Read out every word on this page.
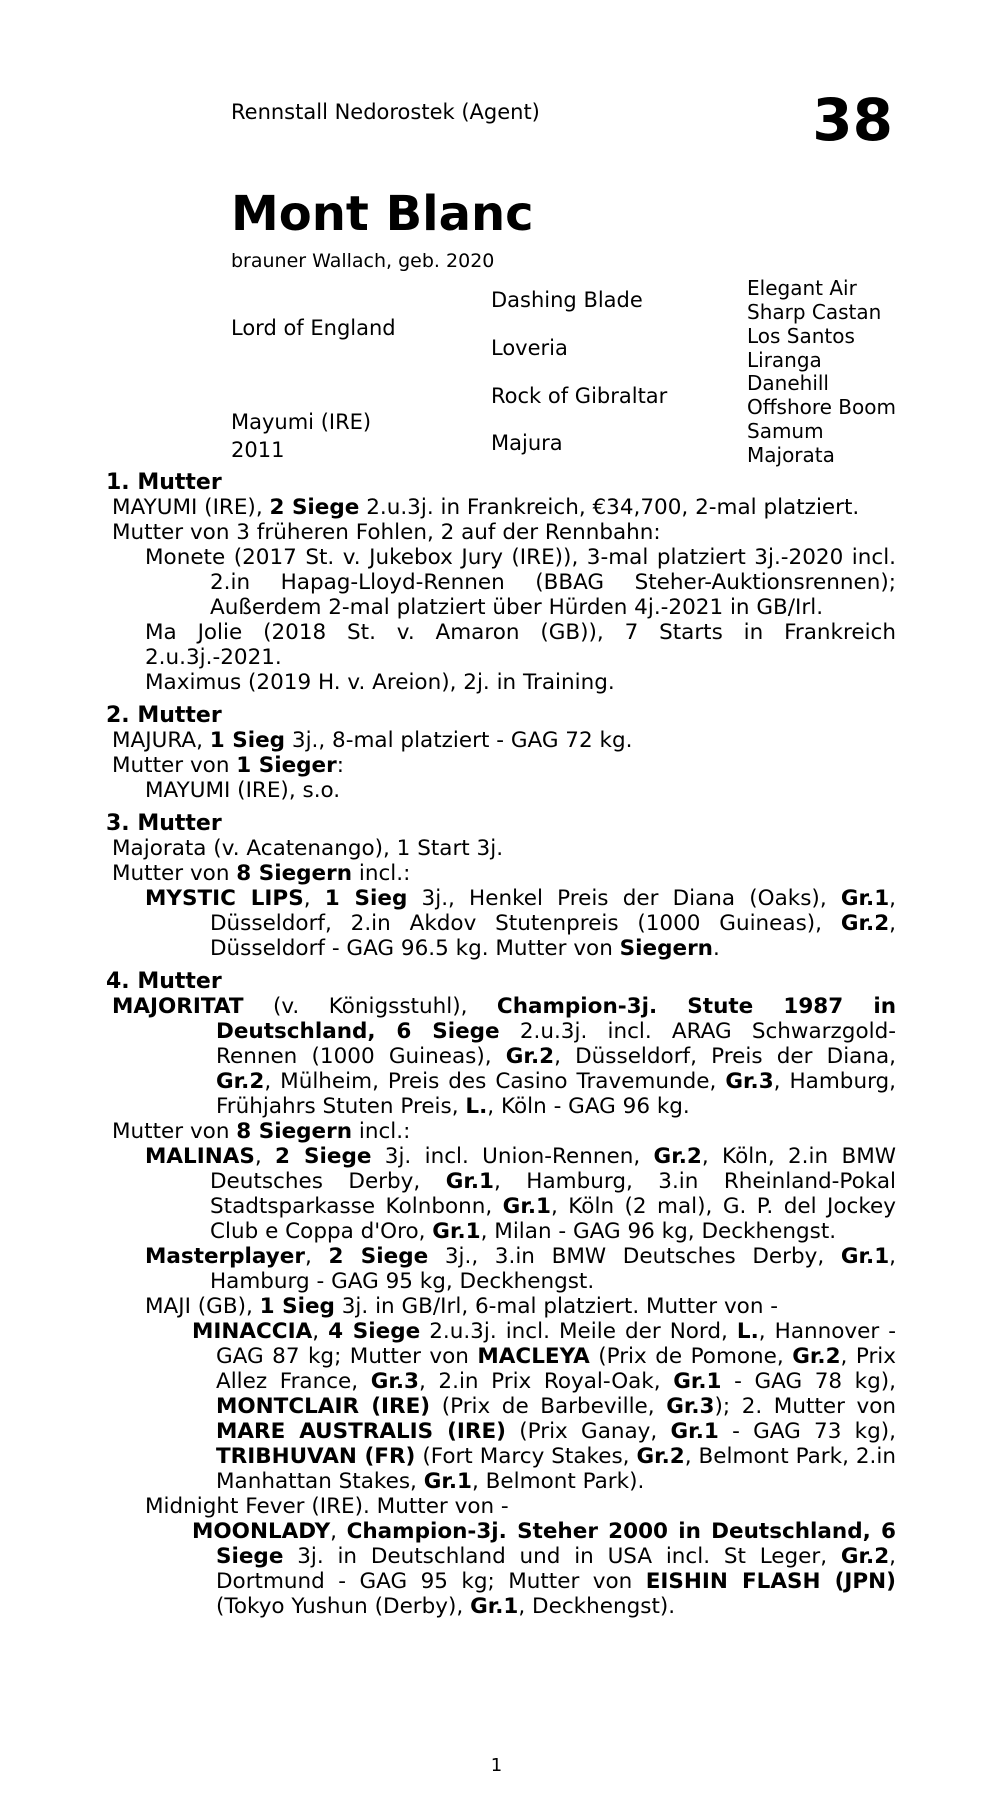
Rennstall Nedorostek (Agent)	38
Mont Blanc
brauner Wallach, geb. 2020
Lord of England
Mayumi (IRE)
2011
Dashing Blade
Loveria
Rock of Gibraltar
Majura
Elegant Air
Sharp Castan
Los Santos
Liranga
Danehill
Offshore Boom
Samum
Majorata
1. Mutter
MAYUMI (IRE), 2 Siege 2.u.3j. in Frankreich, €34,700, 2-mal platziert.
Mutter von 3 früheren Fohlen, 2 auf der Rennbahn:
Monete (2017 St. v. Jukebox Jury (IRE)), 3-mal platziert 3j.-2020 incl. 2.in Hapag-Lloyd-Rennen (BBAG Steher-Auktionsrennen); Außerdem 2-mal platziert über Hürden 4j.-2021 in GB/Irl.
Ma Jolie (2018 St. v. Amaron (GB)), 7 Starts in Frankreich 2.u.3j.-2021.
Maximus (2019 H. v. Areion), 2j. in Training.
2. Mutter
MAJURA, 1 Sieg 3j., 8-mal platziert - GAG 72 kg.
Mutter von 1 Sieger:
MAYUMI (IRE), s.o.
3. Mutter
Majorata (v. Acatenango), 1 Start 3j.
Mutter von 8 Siegern incl.:
MYSTIC LIPS, 1 Sieg 3j., Henkel Preis der Diana (Oaks), Gr.1, Düsseldorf, 2.in Akdov Stutenpreis (1000 Guineas), Gr.2, Düsseldorf - GAG 96.5 kg. Mutter von Siegern.
4. Mutter
MAJORITAT (v. Königsstuhl), Champion-3j. Stute 1987 in Deutschland, 6 Siege 2.u.3j. incl. ARAG Schwarzgold-Rennen (1000 Guineas), Gr.2, Düsseldorf, Preis der Diana, Gr.2, Mülheim, Preis des Casino Travemunde, Gr.3, Hamburg, Frühjahrs Stuten Preis, L., Köln - GAG 96 kg.
Mutter von 8 Siegern incl.:
MALINAS, 2 Siege 3j. incl. Union-Rennen, Gr.2, Köln, 2.in BMW Deutsches Derby, Gr.1, Hamburg, 3.in Rheinland-Pokal Stadtsparkasse Kolnbonn, Gr.1, Köln (2 mal), G. P. del Jockey Club e Coppa d'Oro, Gr.1, Milan - GAG 96 kg, Deckhengst.
Masterplayer, 2 Siege 3j., 3.in BMW Deutsches Derby, Gr.1, Hamburg - GAG 95 kg, Deckhengst.
MAJI (GB), 1 Sieg 3j. in GB/Irl, 6-mal platziert. Mutter von -
MINACCIA, 4 Siege 2.u.3j. incl. Meile der Nord, L., Hannover - GAG 87 kg; Mutter von MACLEYA (Prix de Pomone, Gr.2, Prix Allez France, Gr.3, 2.in Prix Royal-Oak, Gr.1 - GAG 78 kg), MONTCLAIR (IRE) (Prix de Barbeville, Gr.3); 2. Mutter von MARE AUSTRALIS (IRE) (Prix Ganay, Gr.1 - GAG 73 kg), TRIBHUVAN (FR) (Fort Marcy Stakes, Gr.2, Belmont Park, 2.in Manhattan Stakes, Gr.1, Belmont Park).
Midnight Fever (IRE). Mutter von -
MOONLADY, Champion-3j. Steher 2000 in Deutschland, 6 Siege 3j. in Deutschland und in USA incl. St Leger, Gr.2, Dortmund - GAG 95 kg; Mutter von EISHIN FLASH (JPN) (Tokyo Yushun (Derby), Gr.1, Deckhengst).
1
